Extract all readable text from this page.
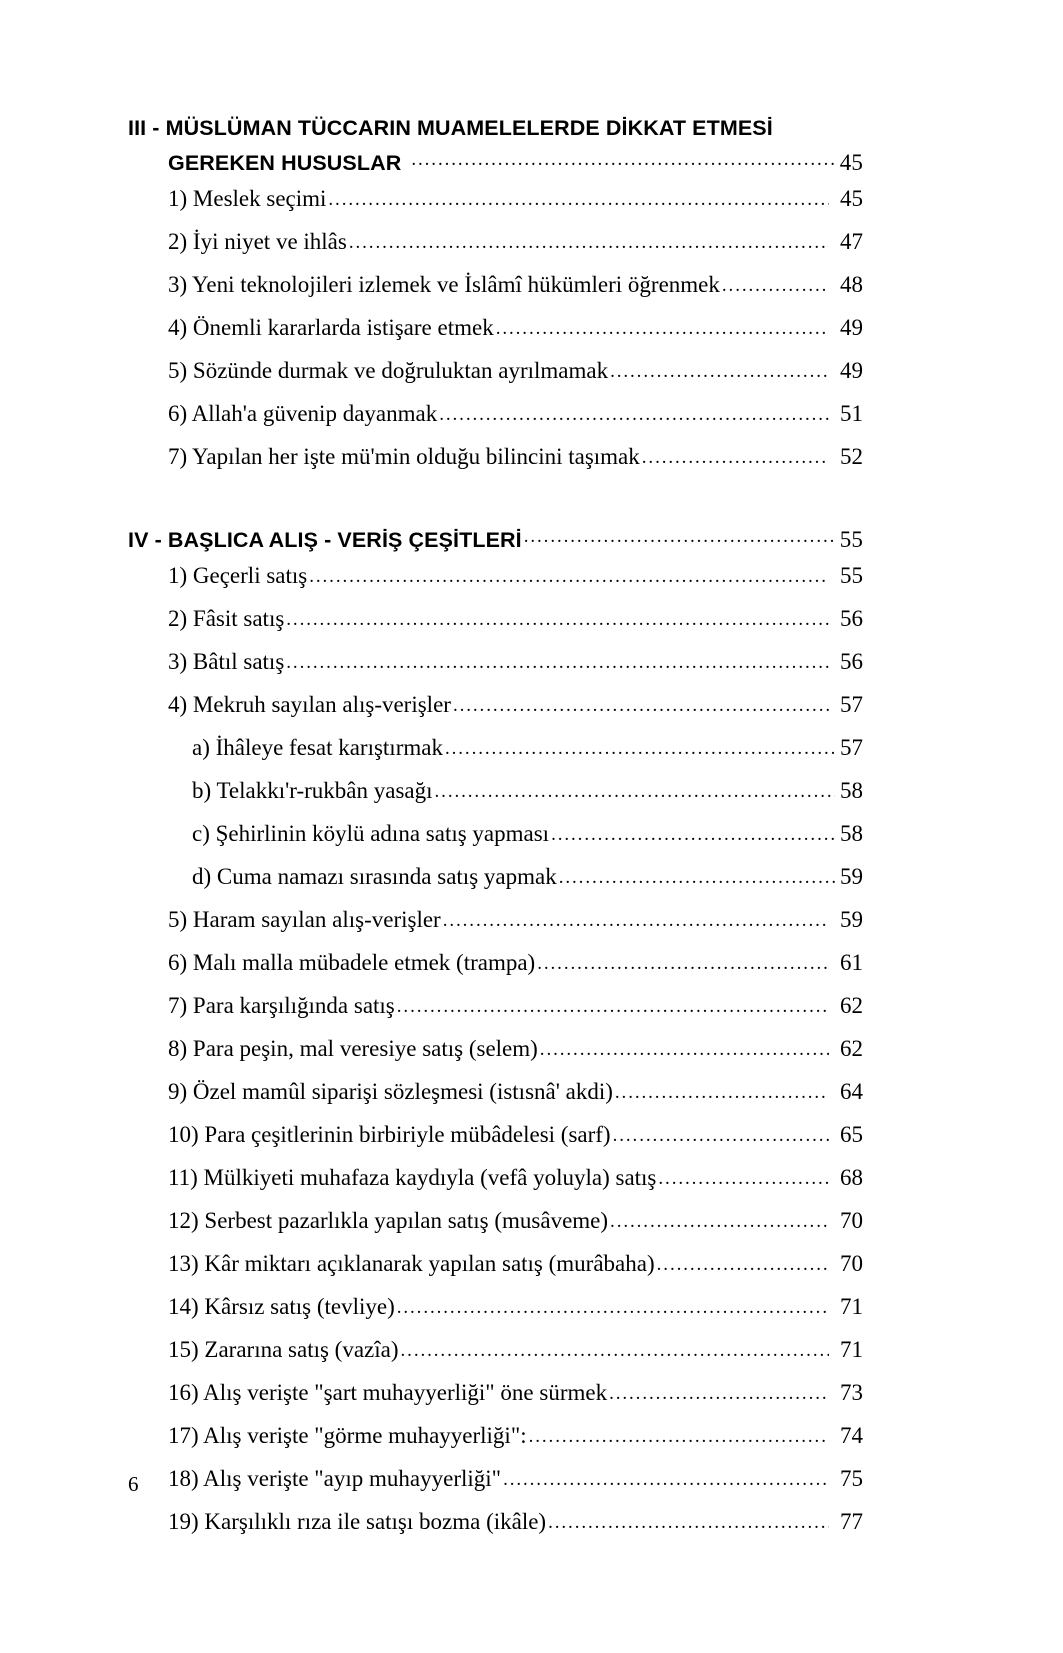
III - MÜSLÜMAN TÜCCARIN MUAMELELERDE DİKKAT ETMESİ
GEREKEN HUSUSLAR .....	45
1) Meslek seçimi .....	45
2) İyi niyet ve ihlâs .....	47
3) Yeni teknolojileri izlemek ve İslâmî hükümleri öğrenmek .....	48
4) Önemli kararlarda istişare etmek .....	49
5) Sözünde durmak ve doğruluktan ayrılmamak .....	49
6) Allah'a güvenip dayanmak .....	51
7) Yapılan her işte mü'min olduğu bilincini taşımak .....	52
IV - BAŞLICA ALIŞ - VERİŞ ÇEŞİTLERİ .....	55
1) Geçerli satış .....	55
2) Fâsit satış .....	56
3) Bâtıl satış .....	56
4) Mekruh sayılan alış-verişler .....	57
a) İhâleye fesat karıştırmak .....	57
b) Telakkı'r-rukbân yasağı .....	58
c) Şehirlinin köylü adına satış yapması .....	58
d) Cuma namazı sırasında satış yapmak .....	59
5) Haram sayılan alış-verişler .....	59
6) Malı malla mübadele etmek (trampa) .....	61
7) Para karşılığında satış .....	62
8) Para peşin, mal veresiye satış (selem) .....	62
9) Özel mamûl siparişi sözleşmesi (istısnâ' akdi) .....	64
10) Para çeşitlerinin birbiriyle mübâdelesi (sarf) .....	65
11) Mülkiyeti muhafaza kaydıyla (vefâ yoluyla) satış .....	68
12) Serbest pazarlıkla yapılan satış (musâveme) .....	70
13) Kâr miktarı açıklanarak yapılan satış (murâbaha) .....	70
14) Kârsız satış (tevliye) .....	71
15) Zararına satış (vazîa) .....	71
16) Alış verişte "şart muhayyerliği" öne sürmek .....	73
17) Alış verişte "görme muhayyerliği": .....	74
18) Alış verişte "ayıp muhayyerliği" .....	75
19) Karşılıklı rıza ile satışı bozma (ikâle) .....	77
6
